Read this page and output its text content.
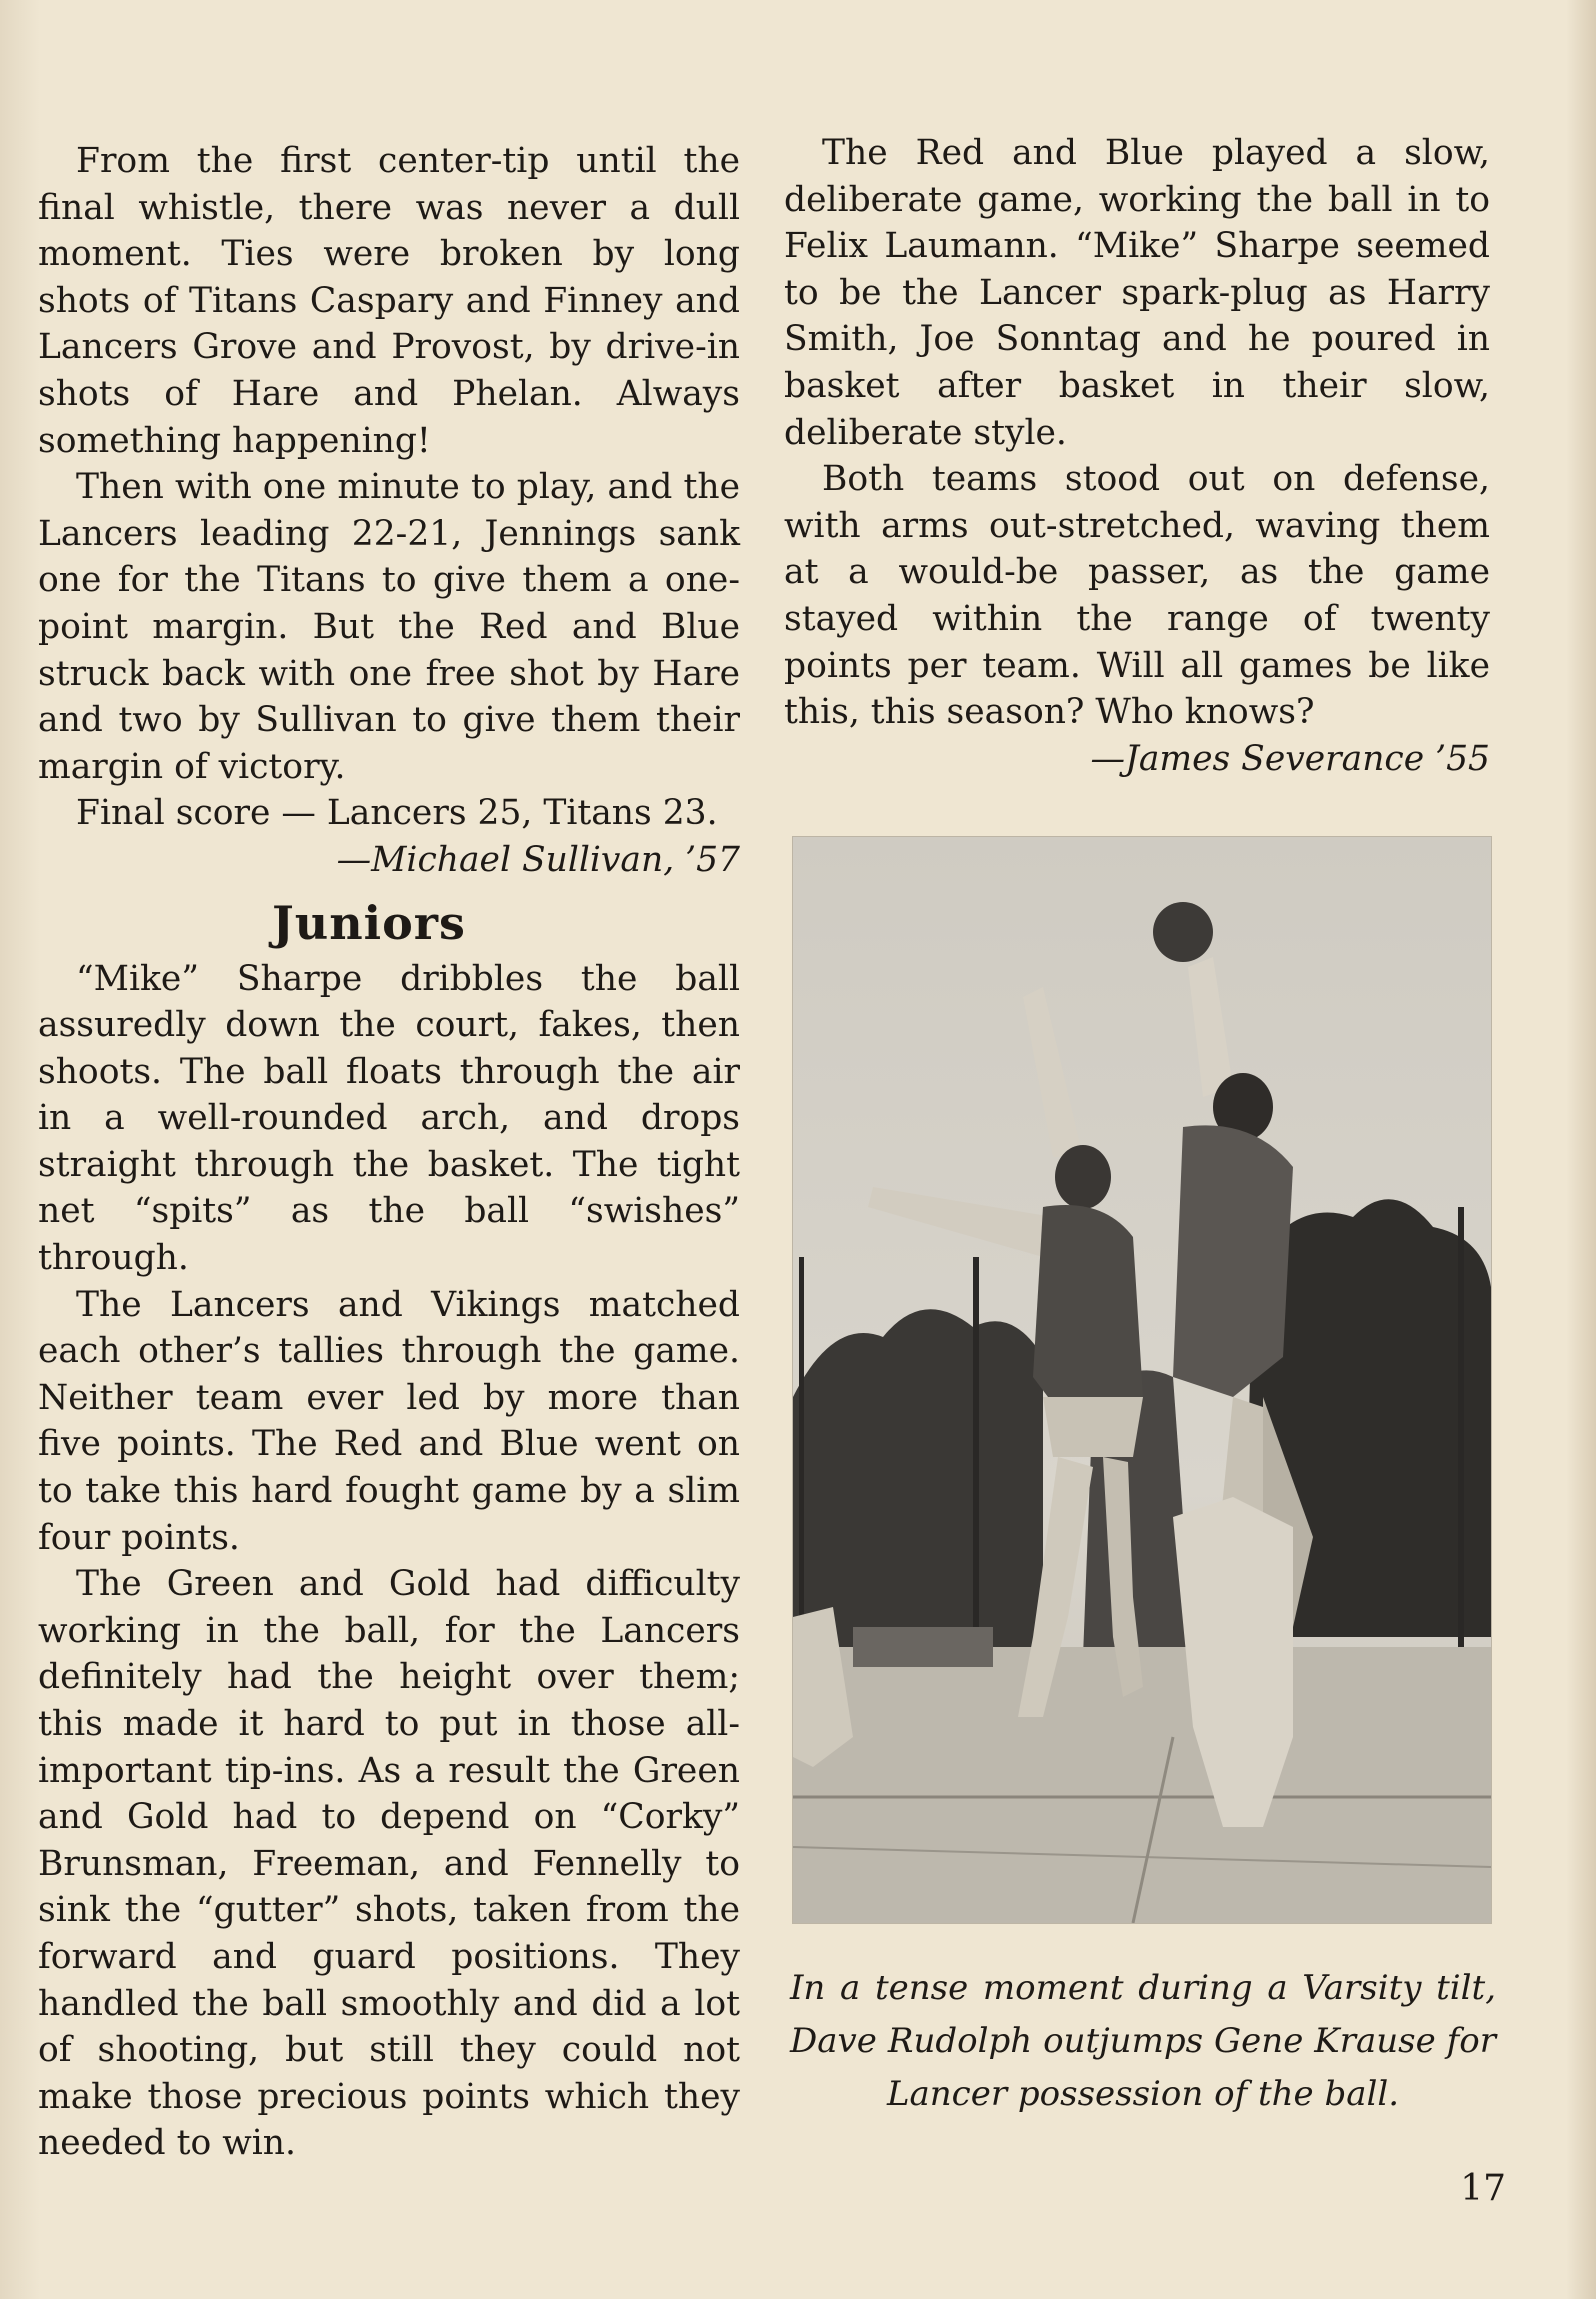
From the first center-tip until the final whistle, there was never a dull moment. Ties were broken by long shots of Titans Caspary and Finney and Lancers Grove and Provost, by drive-in shots of Hare and Phelan. Always something happening!

Then with one minute to play, and the Lancers leading 22-21, Jennings sank one for the Titans to give them a one-point margin. But the Red and Blue struck back with one free shot by Hare and two by Sullivan to give them their margin of victory.

Final score — Lancers 25, Titans 23.

—Michael Sullivan, ’57

Juniors

“Mike” Sharpe dribbles the ball assuredly down the court, fakes, then shoots. The ball floats through the air in a well-rounded arch, and drops straight through the basket. The tight net “spits” as the ball “swishes” through.

The Lancers and Vikings matched each other’s tallies through the game. Neither team ever led by more than five points. The Red and Blue went on to take this hard fought game by a slim four points.

The Green and Gold had difficulty working in the ball, for the Lancers definitely had the height over them; this made it hard to put in those all-important tip-ins. As a result the Green and Gold had to depend on “Corky” Brunsman, Freeman, and Fennelly to sink the “gutter” shots, taken from the forward and guard positions. They handled the ball smoothly and did a lot of shooting, but still they could not make those precious points which they needed to win.

The Red and Blue played a slow, deliberate game, working the ball in to Felix Laumann. “Mike” Sharpe seemed to be the Lancer spark-plug as Harry Smith, Joe Sonntag and he poured in basket after basket in their slow, deliberate style.

Both teams stood out on defense, with arms out-stretched, waving them at a would-be passer, as the game stayed within the range of twenty points per team. Will all games be like this, this season? Who knows?

—James Severance ’55

In a tense moment during a Varsity tilt, Dave Rudolph outjumps Gene Krause for Lancer possession of the ball.
17
